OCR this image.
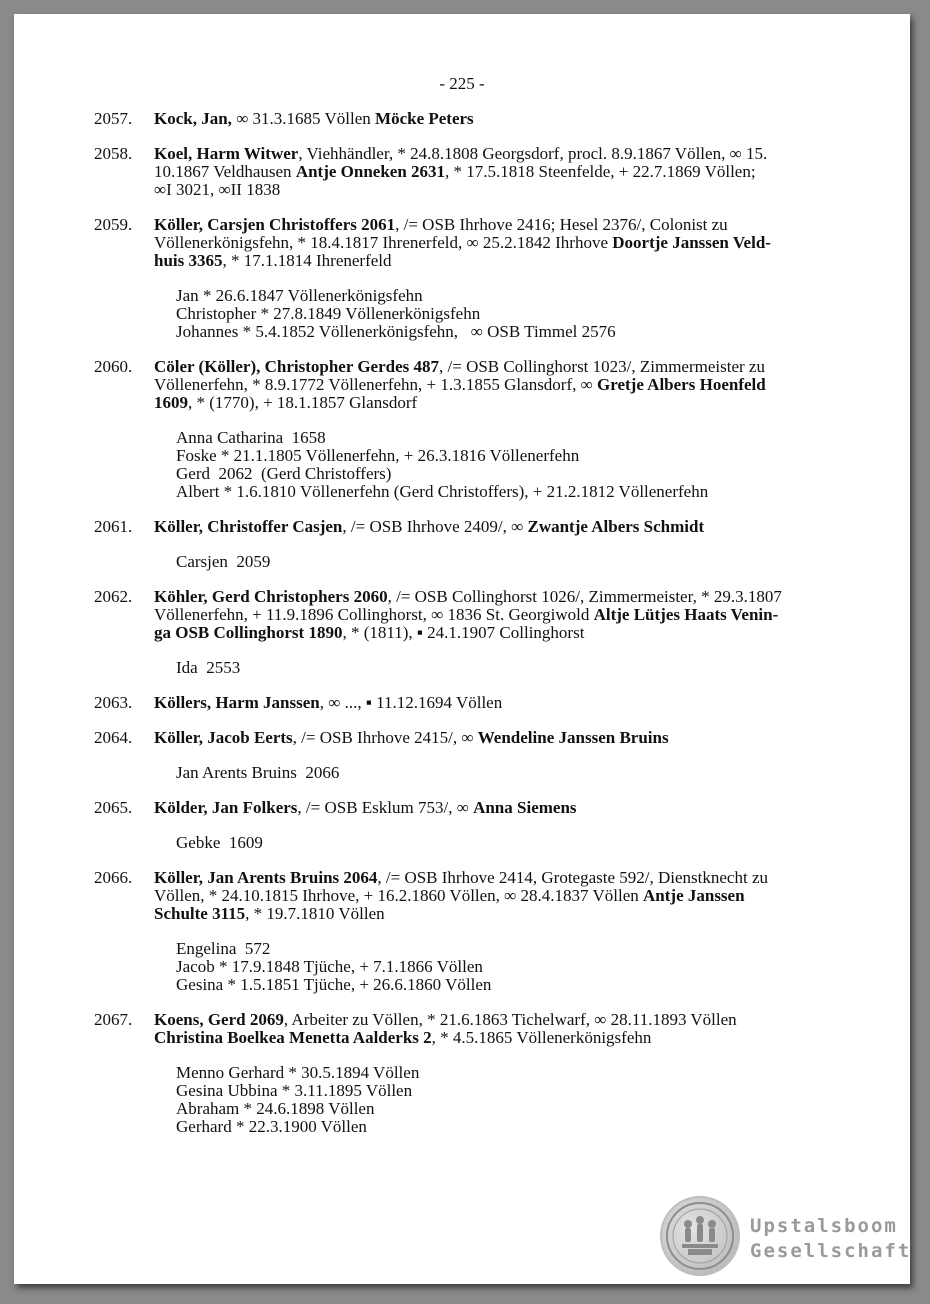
- 225 -
2057.	Kock, Jan, ∞ 31.3.1685 Völlen Möcke Peters
2058.	Koel, Harm Witwer, Viehhändler, * 24.8.1808 Georgsdorf, procl. 8.9.1867 Völlen, ∞ 15.
10.1867 Veldhausen Antje Onneken 2631, * 17.5.1818 Steenfelde, + 22.7.1869 Völlen;
∞I 3021, ∞II 1838
2059.	Köller, Carsjen Christoffers 2061, /= OSB Ihrhove 2416; Hesel 2376/, Colonist zu
Völlenerkönigsfehn, * 18.4.1817 Ihrenerfeld, ∞ 25.2.1842 Ihrhove Doortje Janssen Veld-
huis 3365, * 17.1.1814 Ihrenerfeld
Jan * 26.6.1847 Völlenerkönigsfehn
Christopher * 27.8.1849 Völlenerkönigsfehn
Johannes * 5.4.1852 Völlenerkönigsfehn,   ∞ OSB Timmel 2576
2060.	Cöler (Köller), Christopher Gerdes 487, /= OSB Collinghorst 1023/, Zimmermeister zu
Völlenerfehn, * 8.9.1772 Völlenerfehn, + 1.3.1855 Glansdorf, ∞ Gretje Albers Hoenfeld
1609, * (1770), + 18.1.1857 Glansdorf
Anna Catharina  1658
Foske * 21.1.1805 Völlenerfehn, + 26.3.1816 Völlenerfehn
Gerd  2062  (Gerd Christoffers)
Albert * 1.6.1810 Völlenerfehn (Gerd Christoffers), + 21.2.1812 Völlenerfehn
2061.	Köller, Christoffer Casjen, /= OSB Ihrhove 2409/, ∞ Zwantje Albers Schmidt
Carsjen  2059
2062.	Köhler, Gerd Christophers 2060, /= OSB Collinghorst 1026/, Zimmermeister, * 29.3.1807
Völlenerfehn, + 11.9.1896 Collinghorst, ∞ 1836 St. Georgiwold Altje Lütjes Haats Venin-
ga OSB Collinghorst 1890, * (1811), ▪ 24.1.1907 Collinghorst
Ida  2553
2063.	Köllers, Harm Janssen, ∞ ..., ▪ 11.12.1694 Völlen
2064.	Köller, Jacob Eerts, /= OSB Ihrhove 2415/, ∞ Wendeline Janssen Bruins
Jan Arents Bruins  2066
2065.	Kölder, Jan Folkers, /= OSB Esklum 753/, ∞ Anna Siemens
Gebke  1609
2066.	Köller, Jan Arents Bruins 2064, /= OSB Ihrhove 2414, Grotegaste 592/, Dienstknecht zu
Völlen, * 24.10.1815 Ihrhove, + 16.2.1860 Völlen, ∞ 28.4.1837 Völlen Antje Janssen
Schulte 3115, * 19.7.1810 Völlen
Engelina  572
Jacob * 17.9.1848 Tjüche, + 7.1.1866 Völlen
Gesina * 1.5.1851 Tjüche, + 26.6.1860 Völlen
2067.	Koens, Gerd 2069, Arbeiter zu Völlen, * 21.6.1863 Tichelwarf, ∞ 28.11.1893 Völlen
Christina Boelkea Menetta Aalderks 2, * 4.5.1865 Völlenerkönigsfehn
Menno Gerhard * 30.5.1894 Völlen
Gesina Ubbina * 3.11.1895 Völlen
Abraham * 24.6.1898 Völlen
Gerhard * 22.3.1900 Völlen
Upstalsboom
Gesellschaft
